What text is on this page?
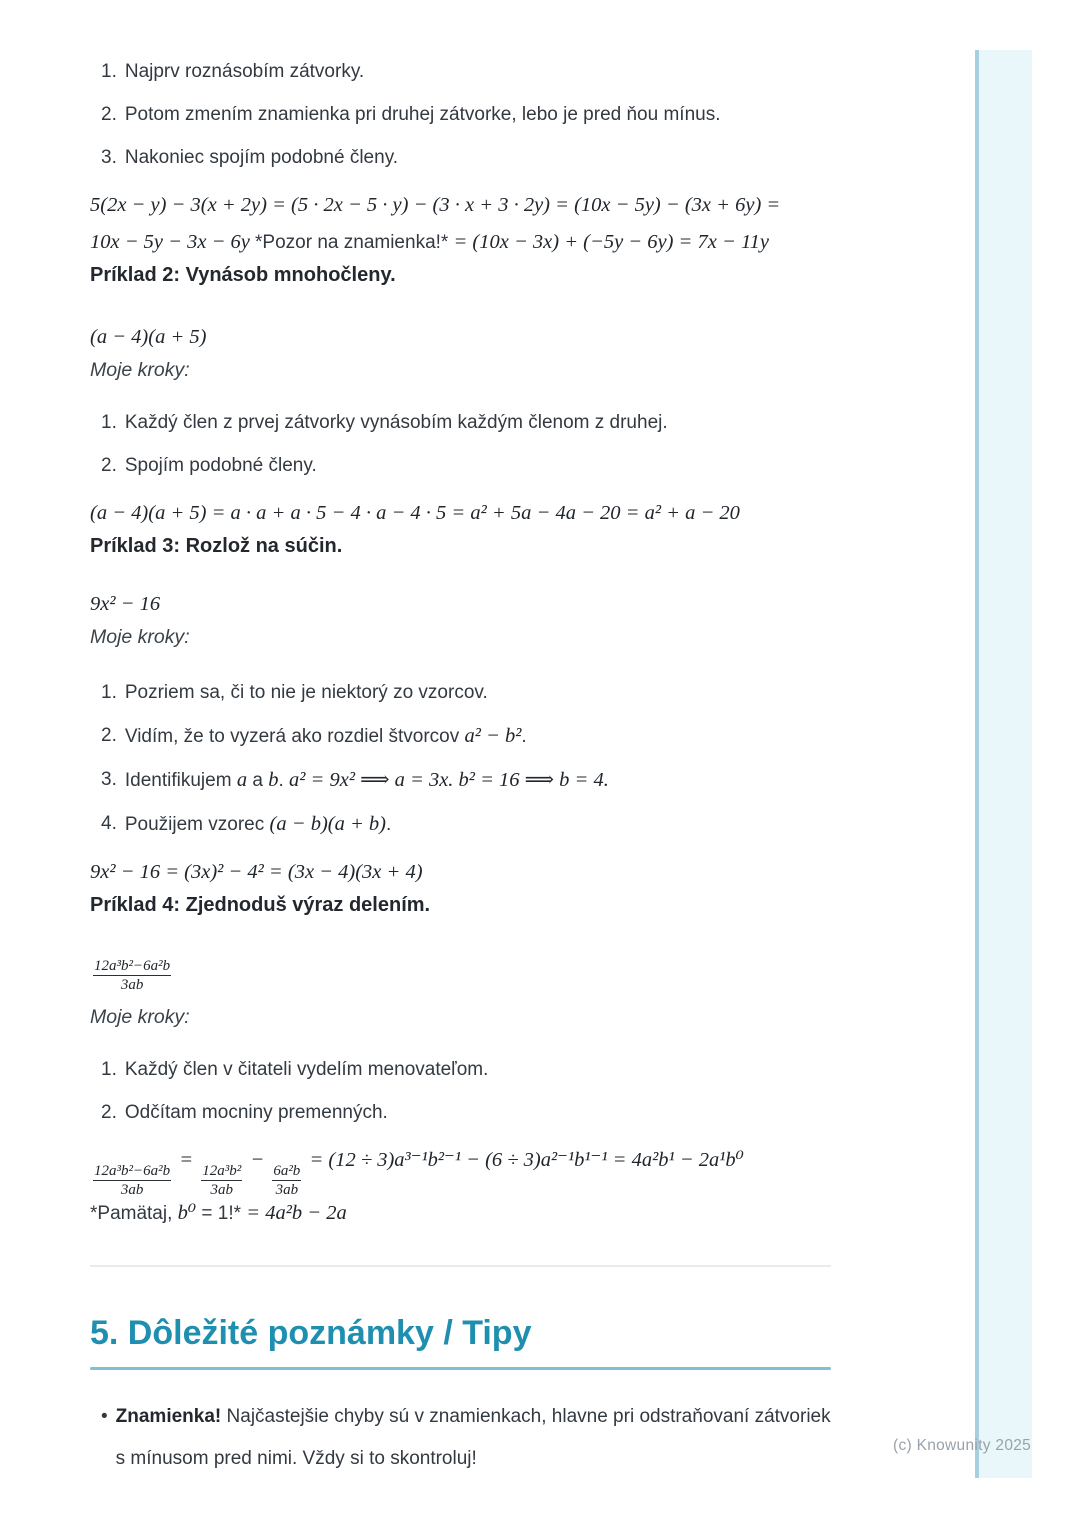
1. Najprv roznásobím zátvorky.
2. Potom zmením znamienka pri druhej zátvorke, lebo je pred ňou mínus.
3. Nakoniec spojím podobné členy.

5(2x − y) − 3(x + 2y) = (5 · 2x − 5 · y) − (3 · x + 3 · 2y) = (10x − 5y) − (3x + 6y) =

10x − 5y − 3x − 6y *Pozor na znamienka!* = (10x − 3x) + (−5y − 6y) = 7x − 11y

Príklad 2: Vynásob mnohočleny.

(a − 4)(a + 5)

Moje kroky:

1. Každý člen z prvej zátvorky vynásobím každým členom z druhej.
2. Spojím podobné členy.

(a − 4)(a + 5) = a · a + a · 5 − 4 · a − 4 · 5 = a² + 5a − 4a − 20 = a² + a − 20

Príklad 3: Rozlož na súčin.

9x² − 16

Moje kroky:

1. Pozriem sa, či to nie je niektorý zo vzorcov.
2. Vidím, že to vyzerá ako rozdiel štvorcov a² − b².
3. Identifikujem a a b. a² = 9x² ⟹ a = 3x. b² = 16 ⟹ b = 4.
4. Použijem vzorec (a − b)(a + b).

9x² − 16 = (3x)² − 4² = (3x − 4)(3x + 4)

Príklad 4: Zjednoduš výraz delením.

$\frac{\text{12a³b²−6a²b}}{3ab}$

Moje kroky:

1. Každý člen v čitateli vydelím menovateľom.
2. Odčítam mocniny premenných.

$\frac{\text{12a³b²−6a²b}}{3ab}$
=
$\frac{\text{12a³b²}}{3ab}$
−
$\frac{\text{6a²b}}{3ab}$
= (12 ÷ 3)a³⁻¹b²⁻¹ − (6 ÷ 3)a²⁻¹b¹⁻¹ = 4a²b¹ − 2a¹b⁰

*Pamätaj, b⁰ = 1!* = 4a²b − 2a

5. Dôležité poznámky / Tipy
• Znamienka! Najčastejšie chyby sú v znamienkach, hlavne pri odstraňovaní zátvoriek s mínusom pred nimi. Vždy si to skontroluj!
(c) Knowunity 2025
